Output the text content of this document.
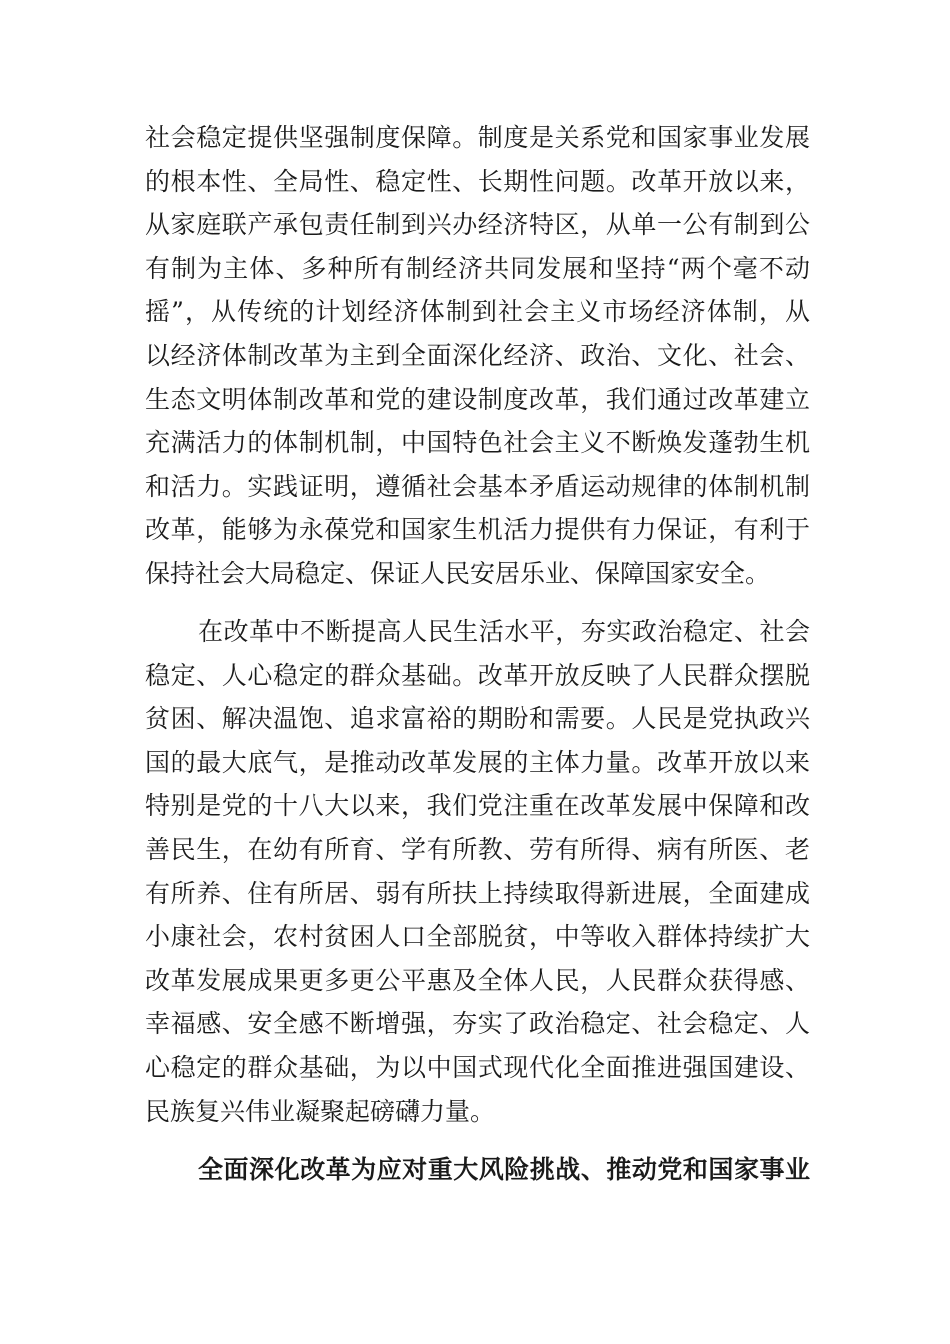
社会稳定提供坚强制度保障。制度是关系党和国家事业发展
的根本性、全局性、稳定性、长期性问题。改革开放以来，
从家庭联产承包责任制到兴办经济特区，从单一公有制到公
有制为主体、多种所有制经济共同发展和坚持“两个毫不动
摇”，从传统的计划经济体制到社会主义市场经济体制，从
以经济体制改革为主到全面深化经济、政治、文化、社会、
生态文明体制改革和党的建设制度改革，我们通过改革建立
充满活力的体制机制，中国特色社会主义不断焕发蓬勃生机
和活力。实践证明，遵循社会基本矛盾运动规律的体制机制
改革，能够为永葆党和国家生机活力提供有力保证，有利于
保持社会大局稳定、保证人民安居乐业、保障国家安全。
在改革中不断提高人民生活水平，夯实政治稳定、社会
稳定、人心稳定的群众基础。改革开放反映了人民群众摆脱
贫困、解决温饱、追求富裕的期盼和需要。人民是党执政兴
国的最大底气，是推动改革发展的主体力量。改革开放以来
特别是党的十八大以来，我们党注重在改革发展中保障和改
善民生，在幼有所育、学有所教、劳有所得、病有所医、老
有所养、住有所居、弱有所扶上持续取得新进展，全面建成
小康社会，农村贫困人口全部脱贫，中等收入群体持续扩大
改革发展成果更多更公平惠及全体人民，人民群众获得感、
幸福感、安全感不断增强，夯实了政治稳定、社会稳定、人
心稳定的群众基础，为以中国式现代化全面推进强国建设、
民族复兴伟业凝聚起磅礴力量。
全面深化改革为应对重大风险挑战、推动党和国家事业
